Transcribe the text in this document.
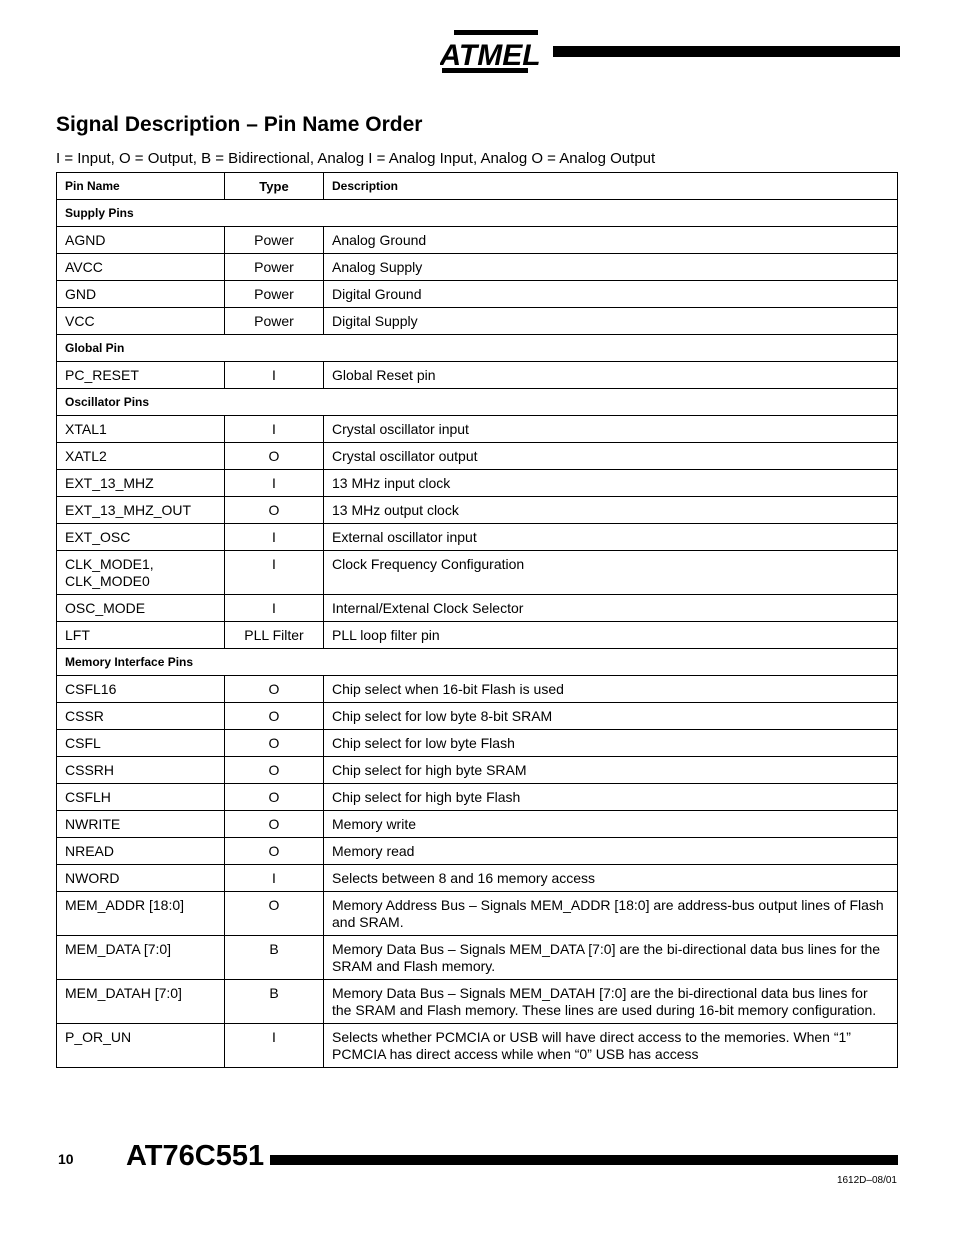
ATMEL
Signal Description – Pin Name Order
I = Input, O = Output, B = Bidirectional, Analog I = Analog Input, Analog O = Analog Output
Pin Name	Type	Description
Supply Pins		
AGND	Power	Analog Ground
AVCC	Power	Analog Supply
GND	Power	Digital Ground
VCC	Power	Digital Supply
Global Pin		
PC_RESET	I	Global Reset pin
Oscillator Pins		
XTAL1	I	Crystal oscillator input
XATL2	O	Crystal oscillator output
EXT_13_MHZ	I	13 MHz input clock
EXT_13_MHZ_OUT	O	13 MHz output clock
EXT_OSC	I	External oscillator input
CLK_MODE1,
CLK_MODE0	I	Clock Frequency Configuration
OSC_MODE	I	Internal/Extenal Clock Selector
LFT	PLL Filter	PLL loop filter pin
Memory Interface Pins		
CSFL16	O	Chip select when 16-bit Flash is used
CSSR	O	Chip select for low byte 8-bit SRAM
CSFL	O	Chip select for low byte Flash
CSSRH	O	Chip select for high byte SRAM
CSFLH	O	Chip select for high byte Flash
NWRITE	O	Memory write
NREAD	O	Memory read
NWORD	I	Selects between 8 and 16 memory access
MEM_ADDR [18:0]	O	Memory Address Bus – Signals MEM_ADDR [18:0] are address-bus output lines of Flash and SRAM.
MEM_DATA [7:0]	B	Memory Data Bus – Signals MEM_DATA [7:0] are the bi-directional data bus lines for the SRAM and Flash memory.
MEM_DATAH [7:0]	B	Memory Data Bus – Signals MEM_DATAH [7:0] are the bi-directional data bus lines for the SRAM and Flash memory. These lines are used during 16-bit memory configuration.
P_OR_UN	I	Selects whether PCMCIA or USB will have direct access to the memories. When “1” PCMCIA has direct access while when “0” USB has access
10 AT76C551
1612D–08/01
